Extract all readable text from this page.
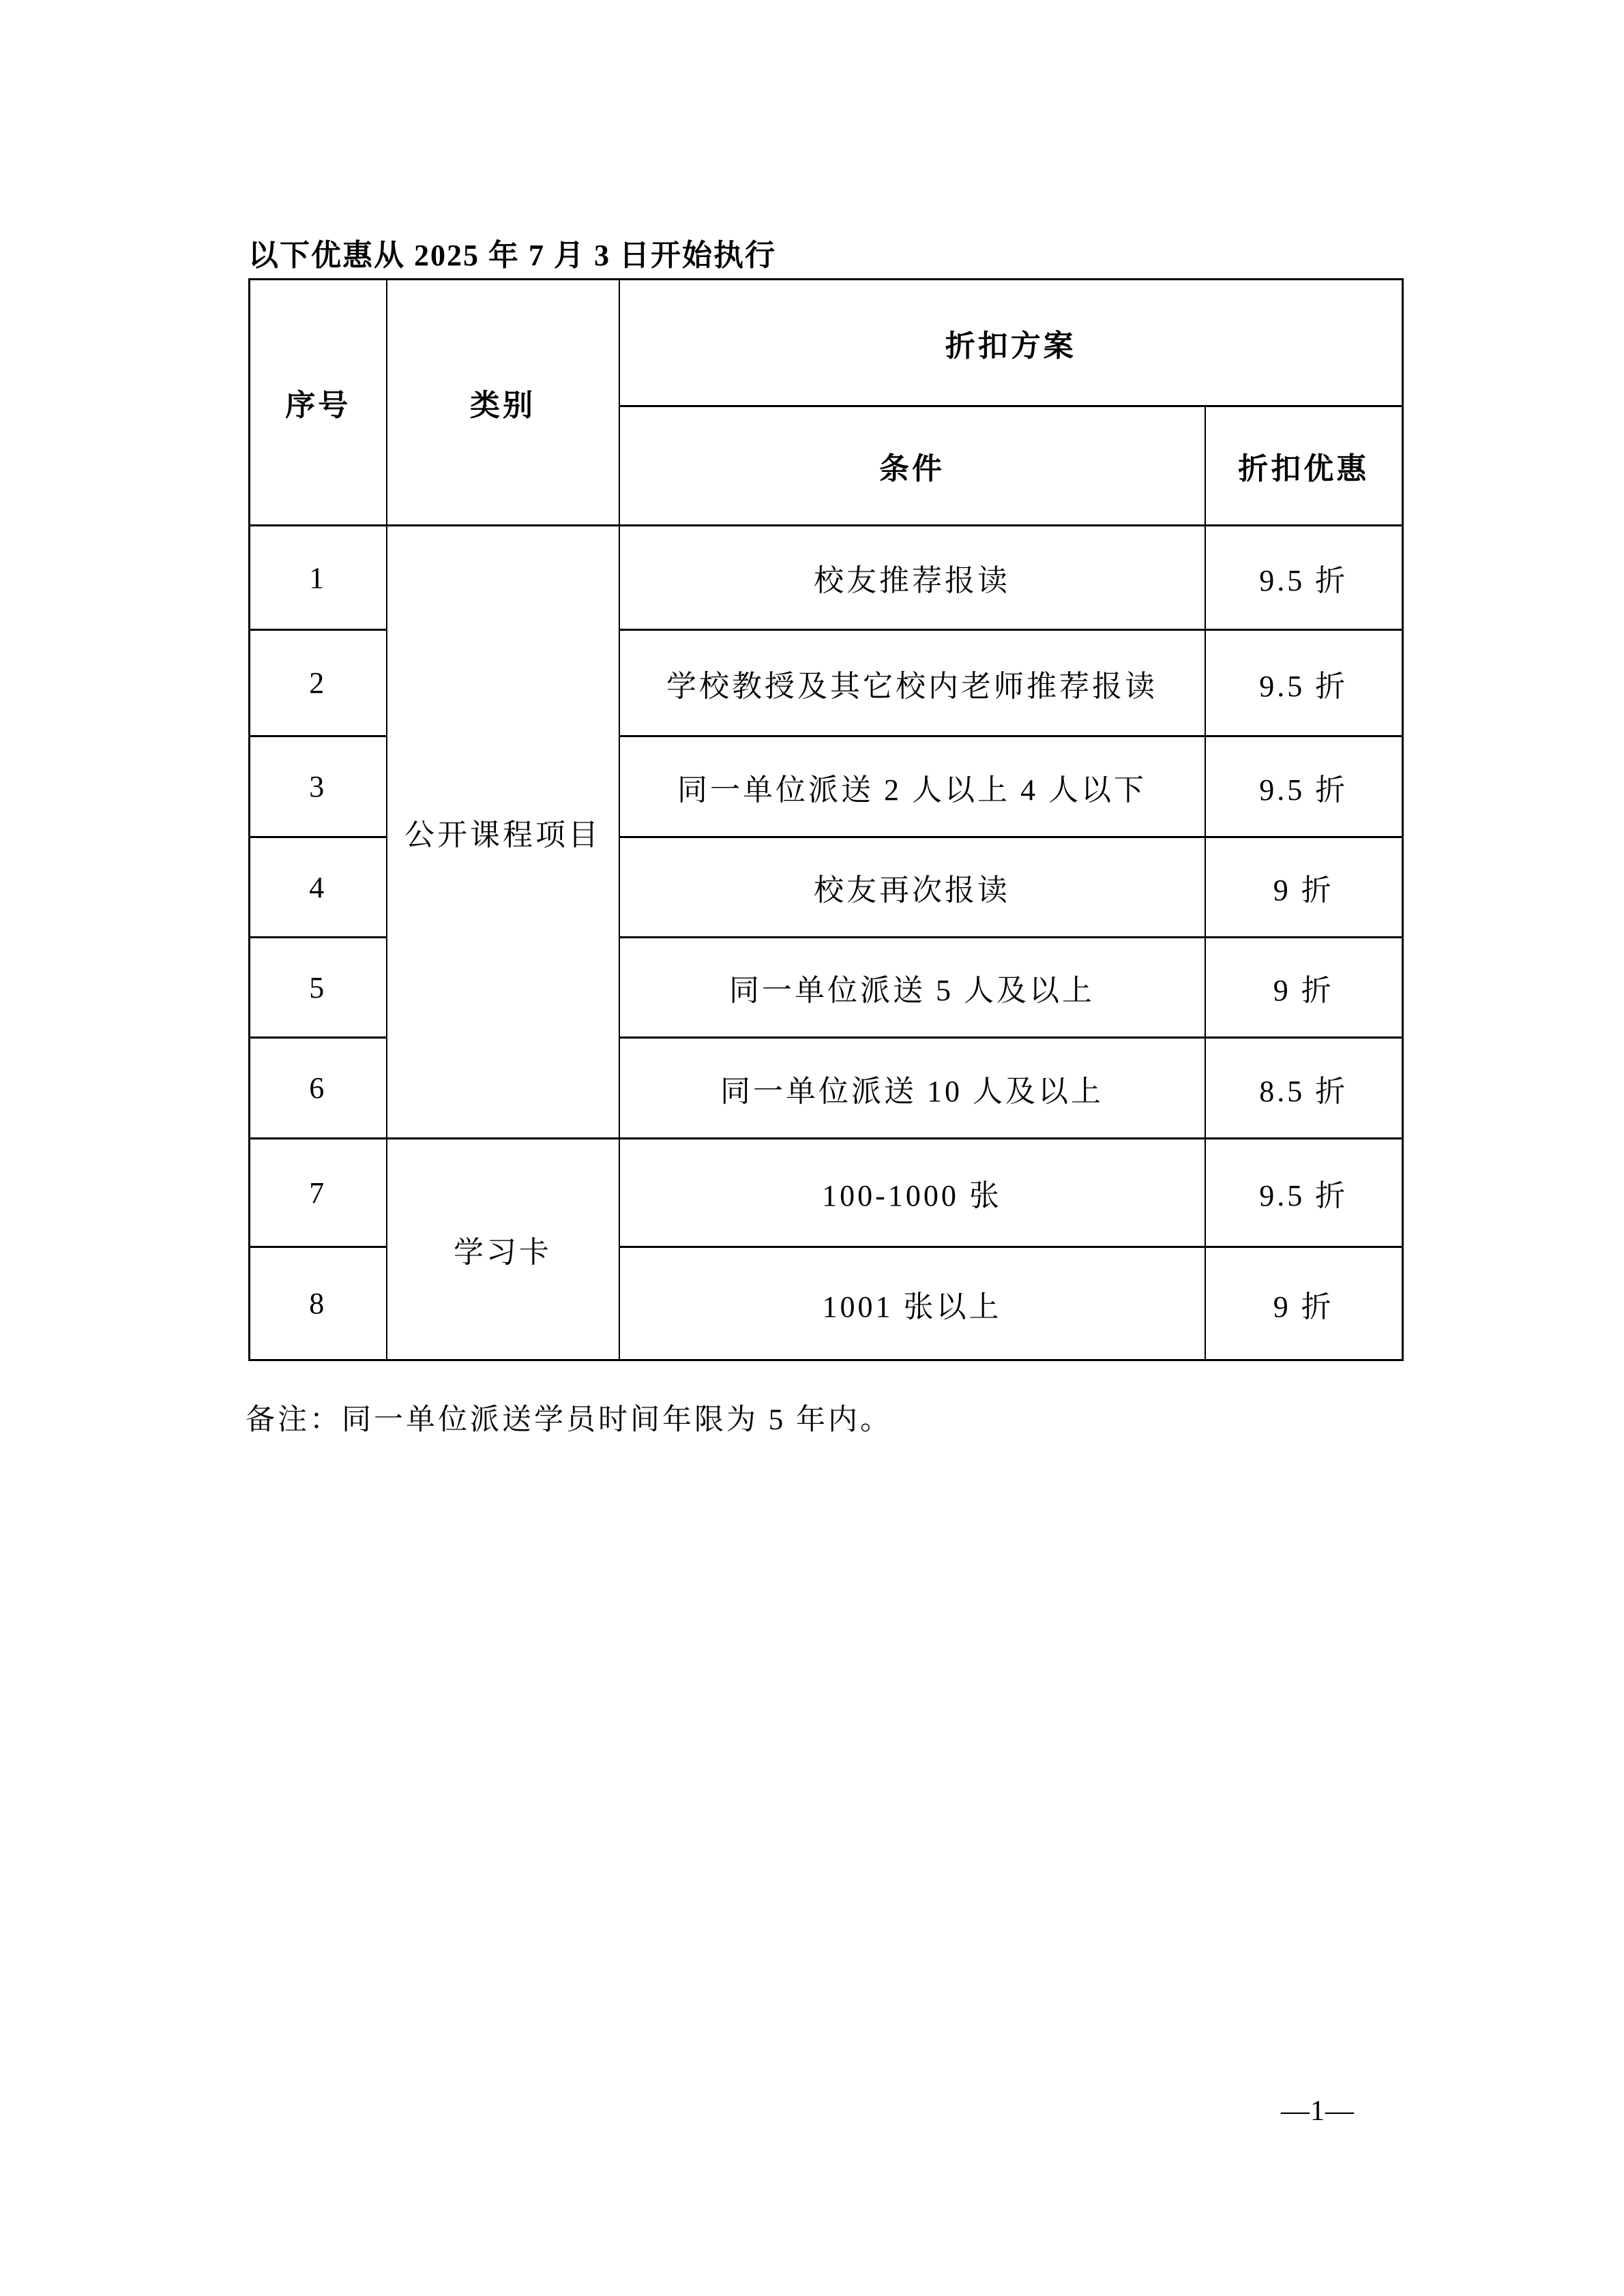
以下优惠从 2025 年 7 月 3 日开始执行
序号	类别	折扣方案	
		条件	折扣优惠
1	公开课程项目	校友推荐报读	9.5 折
2		学校教授及其它校内老师推荐报读	9.5 折
3		同一单位派送 2 人以上 4 人以下	9.5 折
4		校友再次报读	9 折
5		同一单位派送 5 人及以上	9 折
6		同一单位派送 10 人及以上	8.5 折
7	学习卡	100-1000 张	9.5 折
8		1001 张以上	9 折
备注：同一单位派送学员时间年限为 5 年内。
—1—
